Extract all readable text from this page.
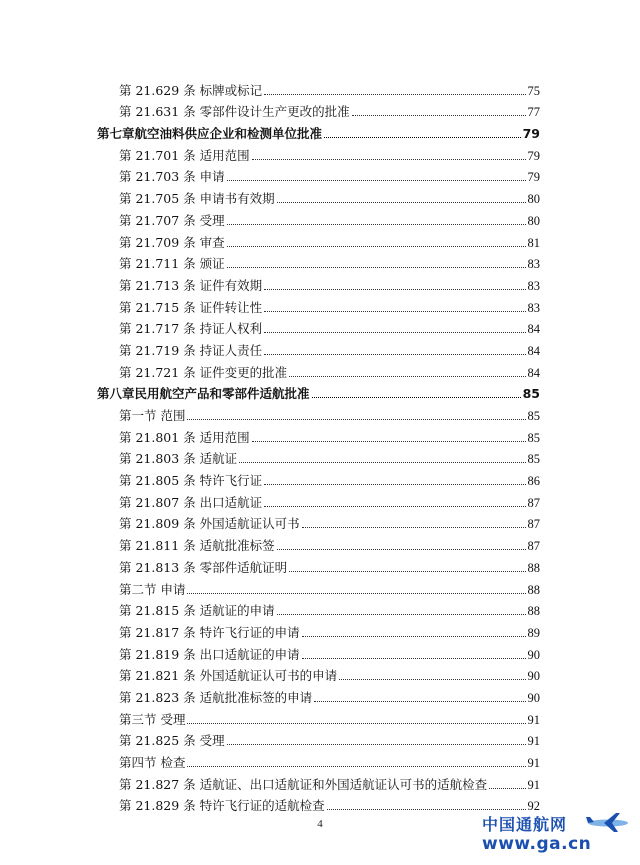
第 21.629 条 标牌或标记	75
第 21.631 条 零部件设计生产更改的批准	77
第七章航空油料供应企业和检测单位批准	79
第 21.701 条 适用范围	79
第 21.703 条 申请	79
第 21.705 条 申请书有效期	80
第 21.707 条 受理	80
第 21.709 条 审查	81
第 21.711 条 颁证	83
第 21.713 条 证件有效期	83
第 21.715 条 证件转让性	83
第 21.717 条 持证人权利	84
第 21.719 条 持证人责任	84
第 21.721 条 证件变更的批准	84
第八章民用航空产品和零部件适航批准	85
第一节 范围	85
第 21.801 条 适用范围	85
第 21.803 条 适航证	85
第 21.805 条 特许飞行证	86
第 21.807 条 出口适航证	87
第 21.809 条 外国适航证认可书	87
第 21.811 条 适航批准标签	87
第 21.813 条 零部件适航证明	88
第二节 申请	88
第 21.815 条 适航证的申请	88
第 21.817 条 特许飞行证的申请	89
第 21.819 条 出口适航证的申请	90
第 21.821 条 外国适航证认可书的申请	90
第 21.823 条 适航批准标签的申请	90
第三节 受理	91
第 21.825 条 受理	91
第四节 检查	91
第 21.827 条 适航证、出口适航证和外国适航证认可书的适航检查	91
第 21.829 条 特许飞行证的适航检查	92
4	中国通航网
www.ga.cn
